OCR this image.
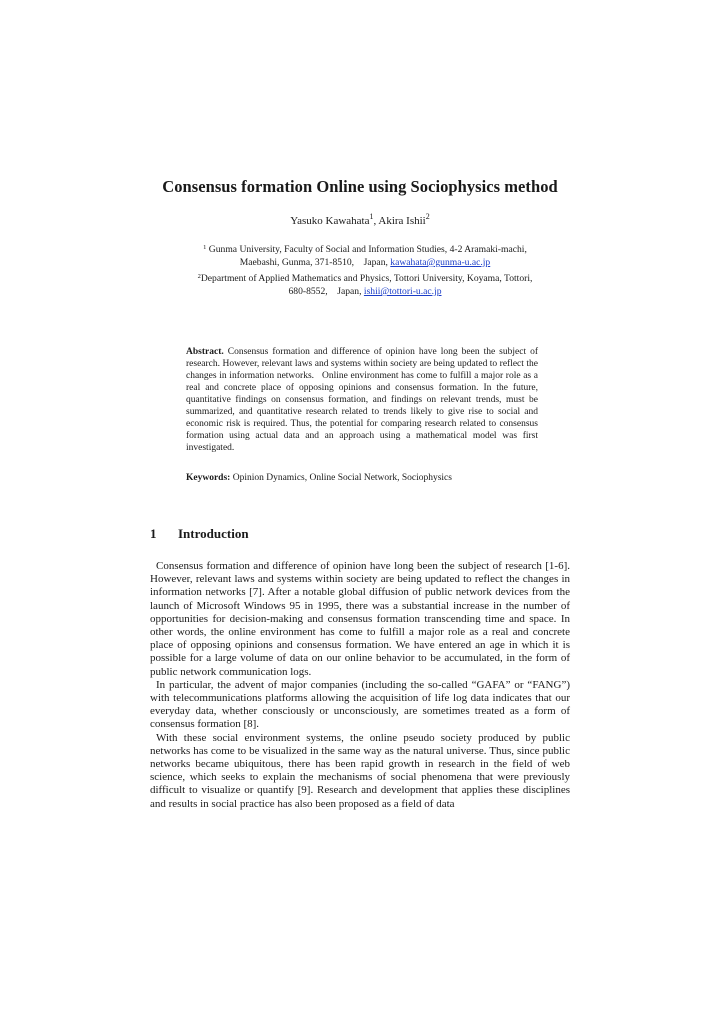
Consensus formation Online using Sociophysics method
Yasuko Kawahata$^1$, Akira Ishii$^2$
$^1$ Gunma University, Faculty of Social and Information Studies, 4-2 Aramaki-machi,
Maebashi, Gunma, 371-8510,　Japan, kawahata@gunma-u.ac.jp
$^2$Department of Applied Mathematics and Physics, Tottori University, Koyama, Tottori,
680-8552,　Japan, ishii@tottori-u.ac.jp
Abstract. Consensus formation and difference of opinion have long been the subject of research. However, relevant laws and systems within society are being updated to reflect the changes in information networks.   Online environment has come to fulfill a major role as a real and concrete place of opposing opinions and consensus formation. In the future, quantitative findings on consensus formation, and findings on relevant trends, must be summarized, and quantitative research related to trends likely to give rise to social and economic risk is required. Thus, the potential for comparing research related to consensus formation using actual data and an approach using a mathematical model was first investigated.
Keywords: Opinion Dynamics, Online Social Network, Sociophysics
1 Introduction

Consensus formation and difference of opinion have long been the subject of research [1-6]. However, relevant laws and systems within society are being updated to reflect the changes in information networks [7]. After a notable global diffusion of public network devices from the launch of Microsoft Windows 95 in 1995, there was a substantial increase in the number of opportunities for decision-making and consensus formation transcending time and space. In other words, the online environment has come to fulfill a major role as a real and concrete place of opposing opinions and consensus formation. We have entered an age in which it is possible for a large volume of data on our online behavior to be accumulated, in the form of public network communication logs.

In particular, the advent of major companies (including the so-called “GAFA” or “FANG”) with telecommunications platforms allowing the acquisition of life log data indicates that our everyday data, whether consciously or unconsciously, are sometimes treated as a form of consensus formation [8].

With these social environment systems, the online pseudo society produced by public networks has come to be visualized in the same way as the natural universe. Thus, since public networks became ubiquitous, there has been rapid growth in research in the field of web science, which seeks to explain the mechanisms of social phenomena that were previously difficult to visualize or quantify [9]. Research and development that applies these disciplines and results in social practice has also been proposed as a field of data
